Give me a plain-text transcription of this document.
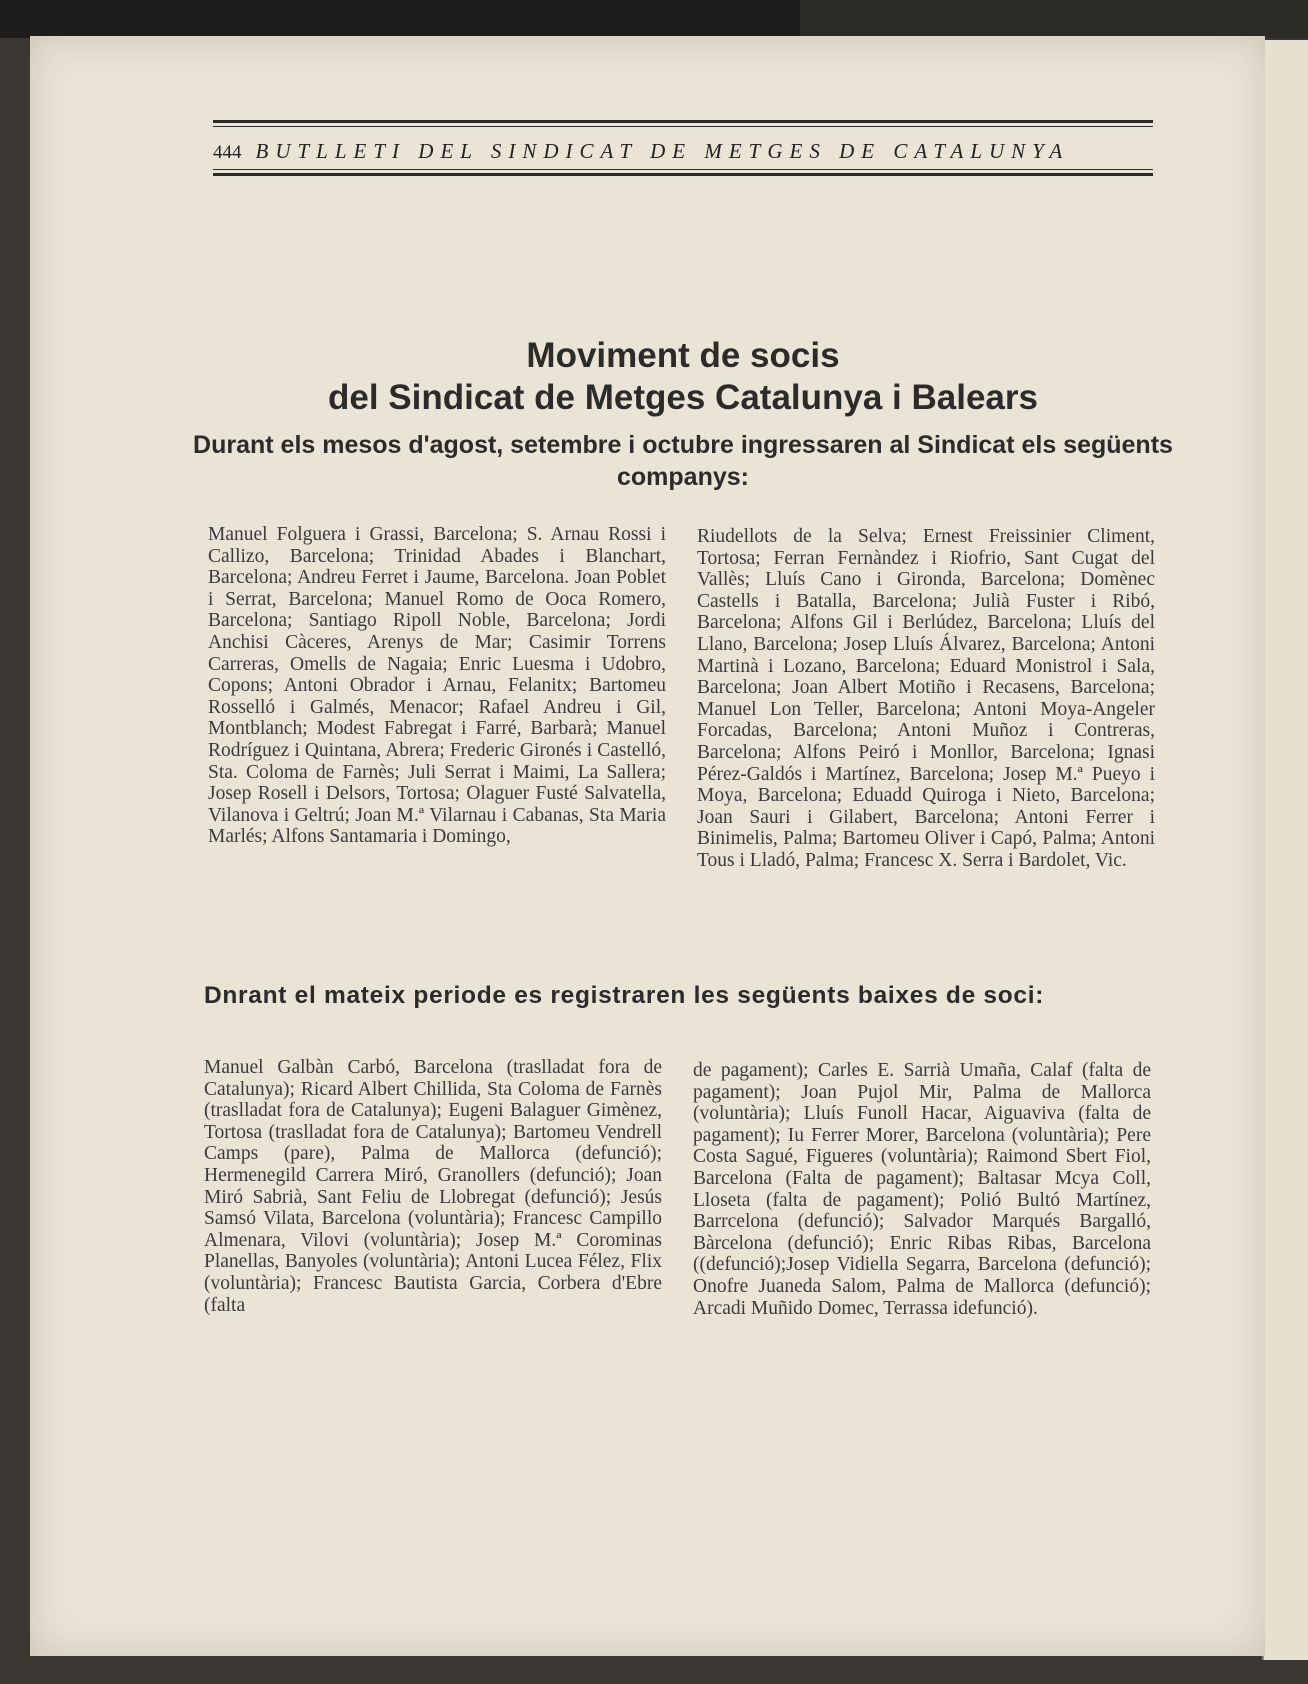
444 BUTLLETI DEL SINDICAT DE METGES DE CATALUNYA
Moviment de socis
del Sindicat de Metges Catalunya i Balears
Durant els mesos d'agost, setembre i octubre ingressaren al Sindicat els següents companys:

Manuel Folguera i Grassi, Barcelona; S. Arnau Rossi i Callizo, Barcelona; Trinidad Abades i Blanchart, Barcelona; Andreu Ferret i Jaume, Barcelona. Joan Poblet i Serrat, Barcelona; Manuel Romo de Ooca Romero, Barcelona; Santiago Ripoll Noble, Barcelona; Jordi Anchisi Càceres, Arenys de Mar; Casimir Torrens Carreras, Omells de Nagaia; Enric Luesma i Udobro, Copons; Antoni Obrador i Arnau, Felanitx; Bartomeu Rosselló i Galmés, Menacor; Rafael Andreu i Gil, Montblanch; Modest Fabregat i Farré, Barbarà; Manuel Rodríguez i Quintana, Abrera; Frederic Gironés i Castelló, Sta. Coloma de Farnès; Juli Serrat i Maimi, La Sallera; Josep Rosell i Delsors, Tortosa; Olaguer Fusté Salvatella, Vilanova i Geltrú; Joan M.ª Vilarnau i Cabanas, Sta Maria Marlés; Alfons Santamaria i Domingo,

Riudellots de la Selva; Ernest Freissinier Climent, Tortosa; Ferran Fernàndez i Riofrio, Sant Cugat del Vallès; Lluís Cano i Gironda, Barcelona; Domènec Castells i Batalla, Barcelona; Julià Fuster i Ribó, Barcelona; Alfons Gil i Berlúdez, Barcelona; Lluís del Llano, Barcelona; Josep Lluís Álvarez, Barcelona; Antoni Martinà i Lozano, Barcelona; Eduard Monistrol i Sala, Barcelona; Joan Albert Motiño i Recasens, Barcelona; Manuel Lon Teller, Barcelona; Antoni Moya-Angeler Forcadas, Barcelona; Antoni Muñoz i Contreras, Barcelona; Alfons Peiró i Monllor, Barcelona; Ignasi Pérez-Galdós i Martínez, Barcelona; Josep M.ª Pueyo i Moya, Barcelona; Eduadd Quiroga i Nieto, Barcelona; Joan Sauri i Gilabert, Barcelona; Antoni Ferrer i Binimelis, Palma; Bartomeu Oliver i Capó, Palma; Antoni Tous i Lladó, Palma; Francesc X. Serra i Bardolet, Vic.

Dnrant el mateix periode es registraren les següents baixes de soci:

Manuel Galbàn Carbó, Barcelona (traslladat fora de Catalunya); Ricard Albert Chillida, Sta Coloma de Farnès (traslladat fora de Catalunya); Eugeni Balaguer Gimènez, Tortosa (traslladat fora de Catalunya); Bartomeu Vendrell Camps (pare), Palma de Mallorca (defunció); Hermenegild Carrera Miró, Granollers (defunció); Joan Miró Sabrià, Sant Feliu de Llobregat (defunció); Jesús Samsó Vilata, Barcelona (voluntària); Francesc Campillo Almenara, Vilovi (voluntària); Josep M.ª Corominas Planellas, Banyoles (voluntària); Antoni Lucea Félez, Flix (voluntària); Francesc Bautista Garcia, Corbera d'Ebre (falta

de pagament); Carles E. Sarrià Umaña, Calaf (falta de pagament); Joan Pujol Mir, Palma de Mallorca (voluntària); Lluís Funoll Hacar, Aiguaviva (falta de pagament); Iu Ferrer Morer, Barcelona (voluntària); Pere Costa Sagué, Figueres (voluntària); Raimond Sbert Fiol, Barcelona (Falta de pagament); Baltasar Mcya Coll, Lloseta (falta de pagament); Polió Bultó Martínez, Barrcelona (defunció); Salvador Marqués Bargalló, Bàrcelona (defunció); Enric Ribas Ribas, Barcelona ((defunció);Josep Vidiella Segarra, Barcelona (defunció); Onofre Juaneda Salom, Palma de Mallorca (defunció); Arcadi Muñido Domec, Terrassa idefunció).
